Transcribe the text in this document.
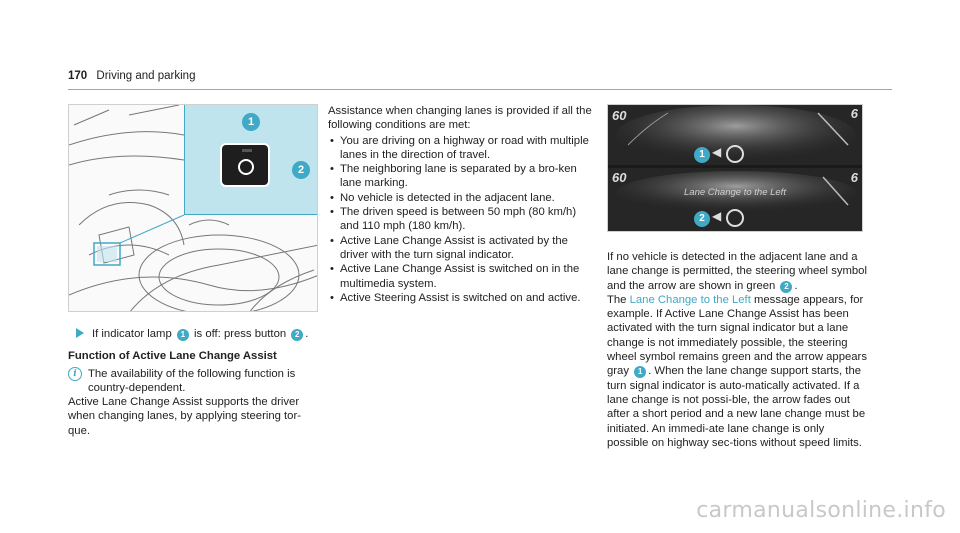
170 Driving and parking
1
2
If indicator lamp 1 is off: press button 2 .
Function of Active Lane Change Assist
i The availability of the following function is country-dependent.
Active Lane Change Assist supports the driver when changing lanes, by applying steering tor-que.
Assistance when changing lanes is provided if all the following conditions are met:
• You are driving on a highway or road with multiple lanes in the direction of travel.
• The neighboring lane is separated by a bro-ken lane marking.
• No vehicle is detected in the adjacent lane.
• The driven speed is between 50 mph (80 km/h) and 110 mph (180 km/h).
• Active Lane Change Assist is activated by the driver with the turn signal indicator.
• Active Lane Change Assist is switched on in the multimedia system.
• Active Steering Assist is switched on and active.
60
60
6
6
1 ◀
Lane Change to the Left
2 ◀
If no vehicle is detected in the adjacent lane and a lane change is permitted, the steering wheel symbol and the arrow are shown in green 2 .
The Lane Change to the Left message appears, for example. If Active Lane Change Assist has been activated with the turn signal indicator but a lane change is not immediately possible, the steering wheel symbol remains green and the arrow appears gray 1 . When the lane change support starts, the turn signal indicator is auto-matically activated. If a lane change is not possi-ble, the arrow fades out after a short period and a new lane change must be initiated. An immedi-ate lane change is only possible on highway sec-tions without speed limits.
carmanualsonline.info
